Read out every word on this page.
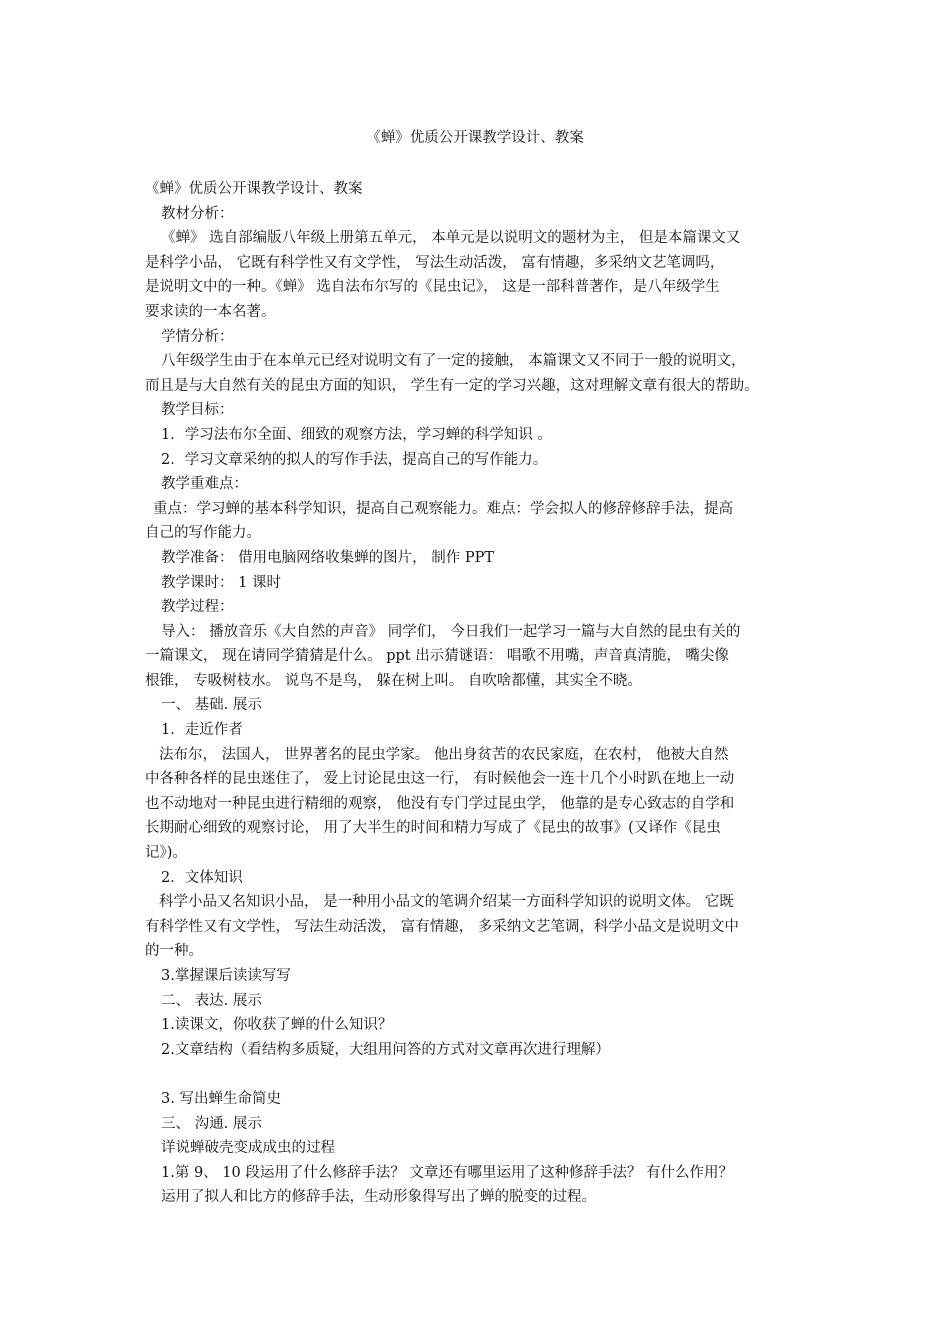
《蝉》优质公开课教学设计、教案
《蝉》优质公开课教学设计、教案
教材分析：
《蝉》 选自部编版八年级上册第五单元， 本单元是以说明文的题材为主， 但是本篇课文又
是科学小品， 它既有科学性又有文学性， 写法生动活泼， 富有情趣，多采纳文艺笔调吗，
是说明文中的一种。《蝉》 选自法布尔写的《昆虫记》， 这是一部科普著作，是八年级学生
要求读的一本名著。
学情分析：
八年级学生由于在本单元已经对说明文有了一定的接触， 本篇课文又不同于一般的说明文，
而且是与大自然有关的昆虫方面的知识， 学生有一定的学习兴趣，这对理解文章有很大的帮助。
教学目标：
1．学习法布尔全面、细致的观察方法，学习蝉的科学知识 。
2．学习文章采纳的拟人的写作手法，提高自己的写作能力。
教学重难点：
重点：学习蝉的基本科学知识，提高自己观察能力。难点：学会拟人的修辞修辞手法，提高
自己的写作能力。
教学准备： 借用电脑网络收集蝉的图片， 制作 PPT
教学课时： 1 课时
教学过程：
导入： 播放音乐《大自然的声音》 同学们， 今日我们一起学习一篇与大自然的昆虫有关的
一篇课文， 现在请同学猜猜是什么。 ppt 出示猜谜语： 唱歌不用嘴，声音真清脆， 嘴尖像
根锥， 专吸树枝水。 说鸟不是鸟， 躲在树上叫。 自吹啥都懂，其实全不晓。
一、 基础. 展示
1．走近作者
法布尔， 法国人， 世界著名的昆虫学家。 他出身贫苦的农民家庭，在农村， 他被大自然
中各种各样的昆虫迷住了， 爱上讨论昆虫这一行， 有时候他会一连十几个小时趴在地上一动
也不动地对一种昆虫进行精细的观察， 他没有专门学过昆虫学， 他靠的是专心致志的自学和
长期耐心细致的观察讨论， 用了大半生的时间和精力写成了《昆虫的故事》(又译作《昆虫
记》)。
2．文体知识
科学小品又名知识小品， 是一种用小品文的笔调介绍某一方面科学知识的说明文体。 它既
有科学性又有文学性， 写法生动活泼， 富有情趣， 多采纳文艺笔调，科学小品文是说明文中
的一种。
3.掌握课后读读写写
二、 表达. 展示
1.读课文，你收获了蝉的什么知识？
2.文章结构（看结构多质疑，大组用问答的方式对文章再次进行理解）
3. 写出蝉生命简史
三、 沟通. 展示
详说蝉破壳变成成虫的过程
1.第 9、 10 段运用了什么修辞手法？ 文章还有哪里运用了这种修辞手法？ 有什么作用？
运用了拟人和比方的修辞手法，生动形象得写出了蝉的脱变的过程。
